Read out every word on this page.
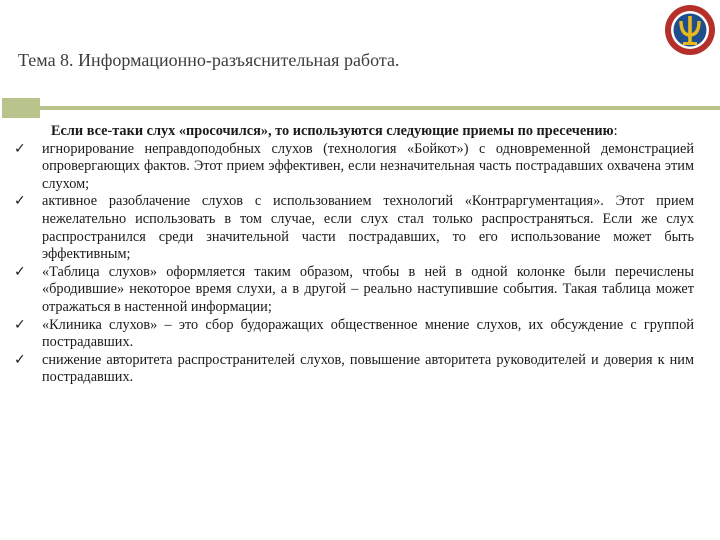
Тема 8. Информационно-разъяснительная работа.

Если все-таки слух «просочился», то используются следующие приемы по пресечению:

✓ игнорирование неправдоподобных слухов (технология «Бойкот») с одновременной демонстрацией опровергающих фактов. Этот прием эффективен, если незначительная часть пострадавших охвачена этим слухом;
✓ активное разоблачение слухов с использованием технологий «Контраргументация». Этот прием нежелательно использовать в том случае, если слух стал только распространяться. Если же слух распространился среди значительной части пострадавших, то его использование может быть эффективным;
✓ «Таблица слухов» оформляется таким образом, чтобы в ней в одной колонке были перечислены «бродившие» некоторое время слухи, а в другой – реально наступившие события. Такая таблица может отражаться в настенной информации;
✓ «Клиника слухов» – это сбор будоражащих общественное мнение слухов, их обсуждение с группой пострадавших.
✓ снижение авторитета распространителей слухов, повышение авторитета руководителей и доверия к ним пострадавших.
